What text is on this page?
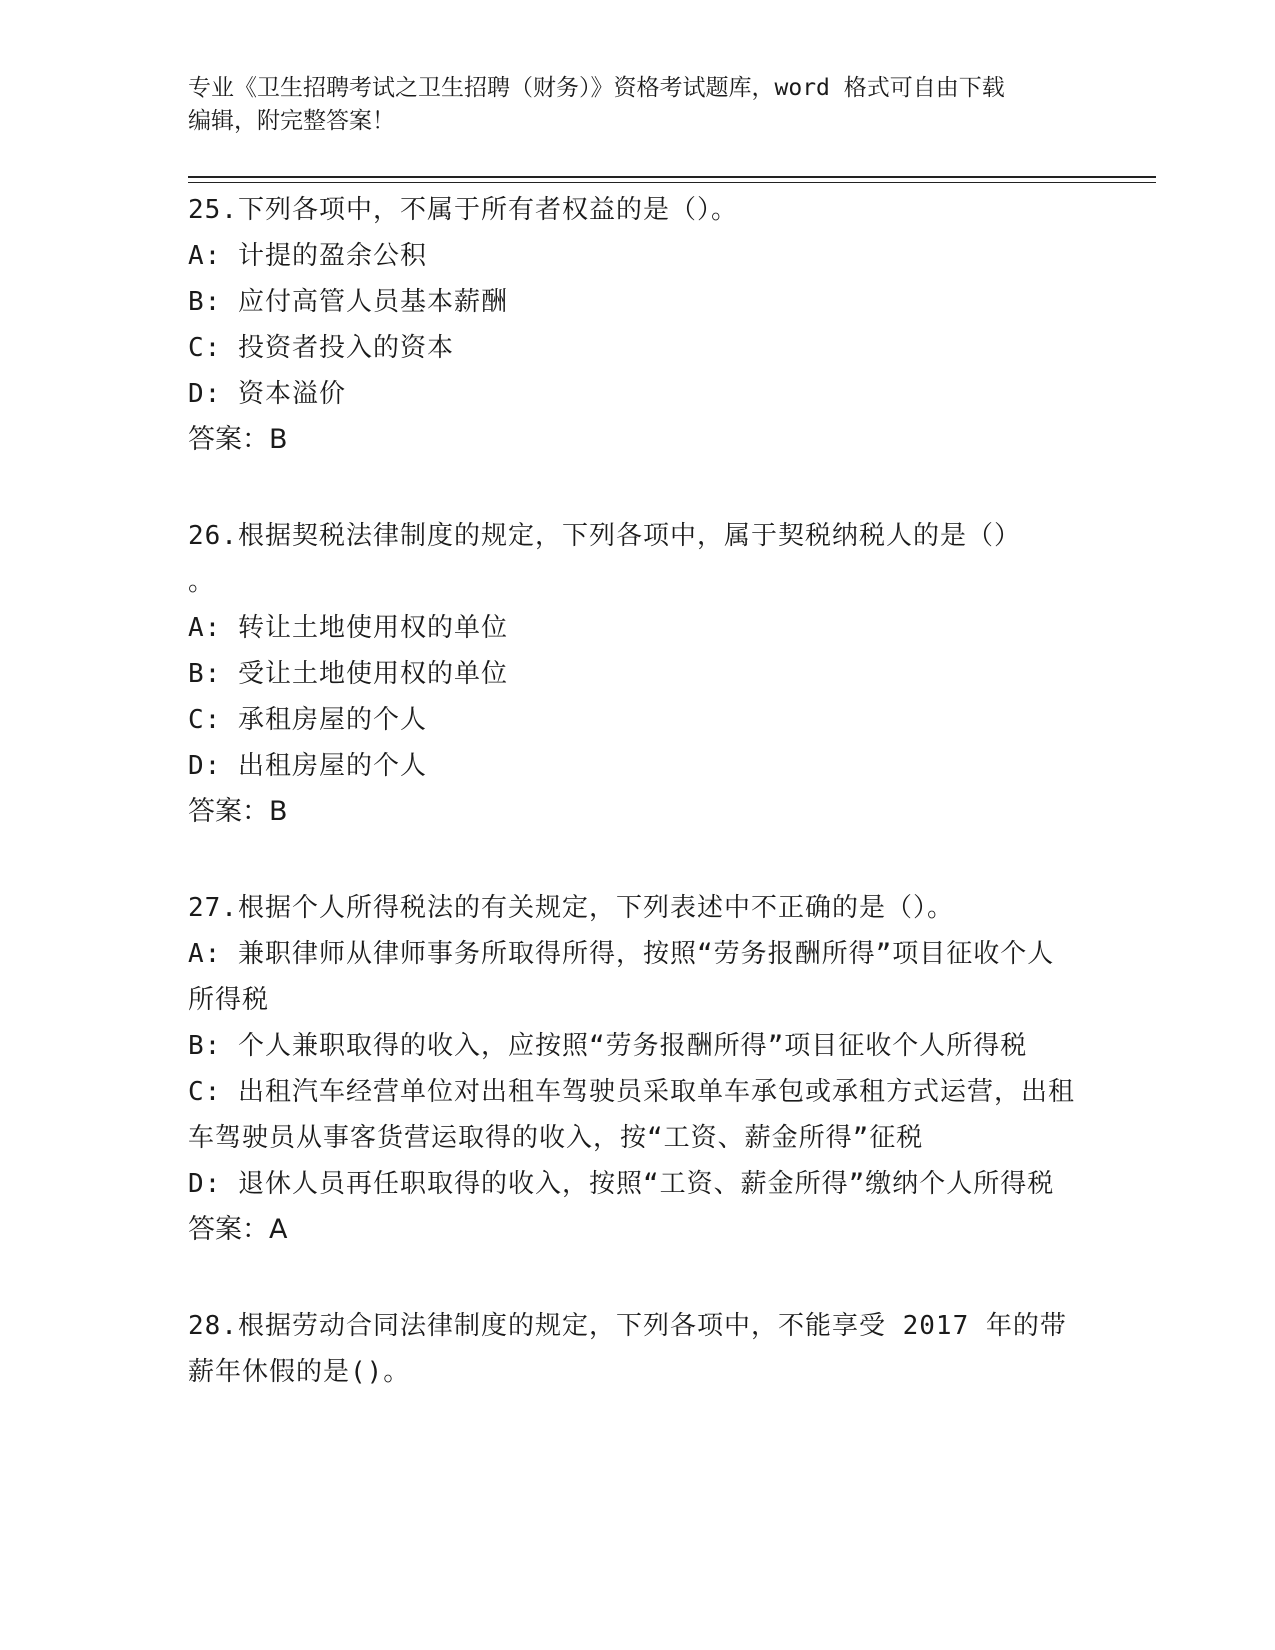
专业《卫生招聘考试之卫生招聘（财务）》资格考试题库，word 格式可自由下载
编辑，附完整答案！

25.下列各项中，不属于所有者权益的是（）。

A: 计提的盈余公积

B: 应付高管人员基本薪酬

C: 投资者投入的资本

D: 资本溢价

答案：B

26.根据契税法律制度的规定，下列各项中，属于契税纳税人的是（）

。

A: 转让土地使用权的单位

B: 受让土地使用权的单位

C: 承租房屋的个人

D: 出租房屋的个人

答案：B

27.根据个人所得税法的有关规定，下列表述中不正确的是（）。

A: 兼职律师从律师事务所取得所得，按照“劳务报酬所得”项目征收个人所得税

B: 个人兼职取得的收入，应按照“劳务报酬所得”项目征收个人所得税

C: 出租汽车经营单位对出租车驾驶员采取单车承包或承租方式运营，出租车驾驶员从事客货营运取得的收入，按“工资、薪金所得”征税

D: 退休人员再任职取得的收入，按照“工资、薪金所得”缴纳个人所得税

答案：A

28.根据劳动合同法律制度的规定，下列各项中，不能享受 2017 年的带薪年休假的是()。
